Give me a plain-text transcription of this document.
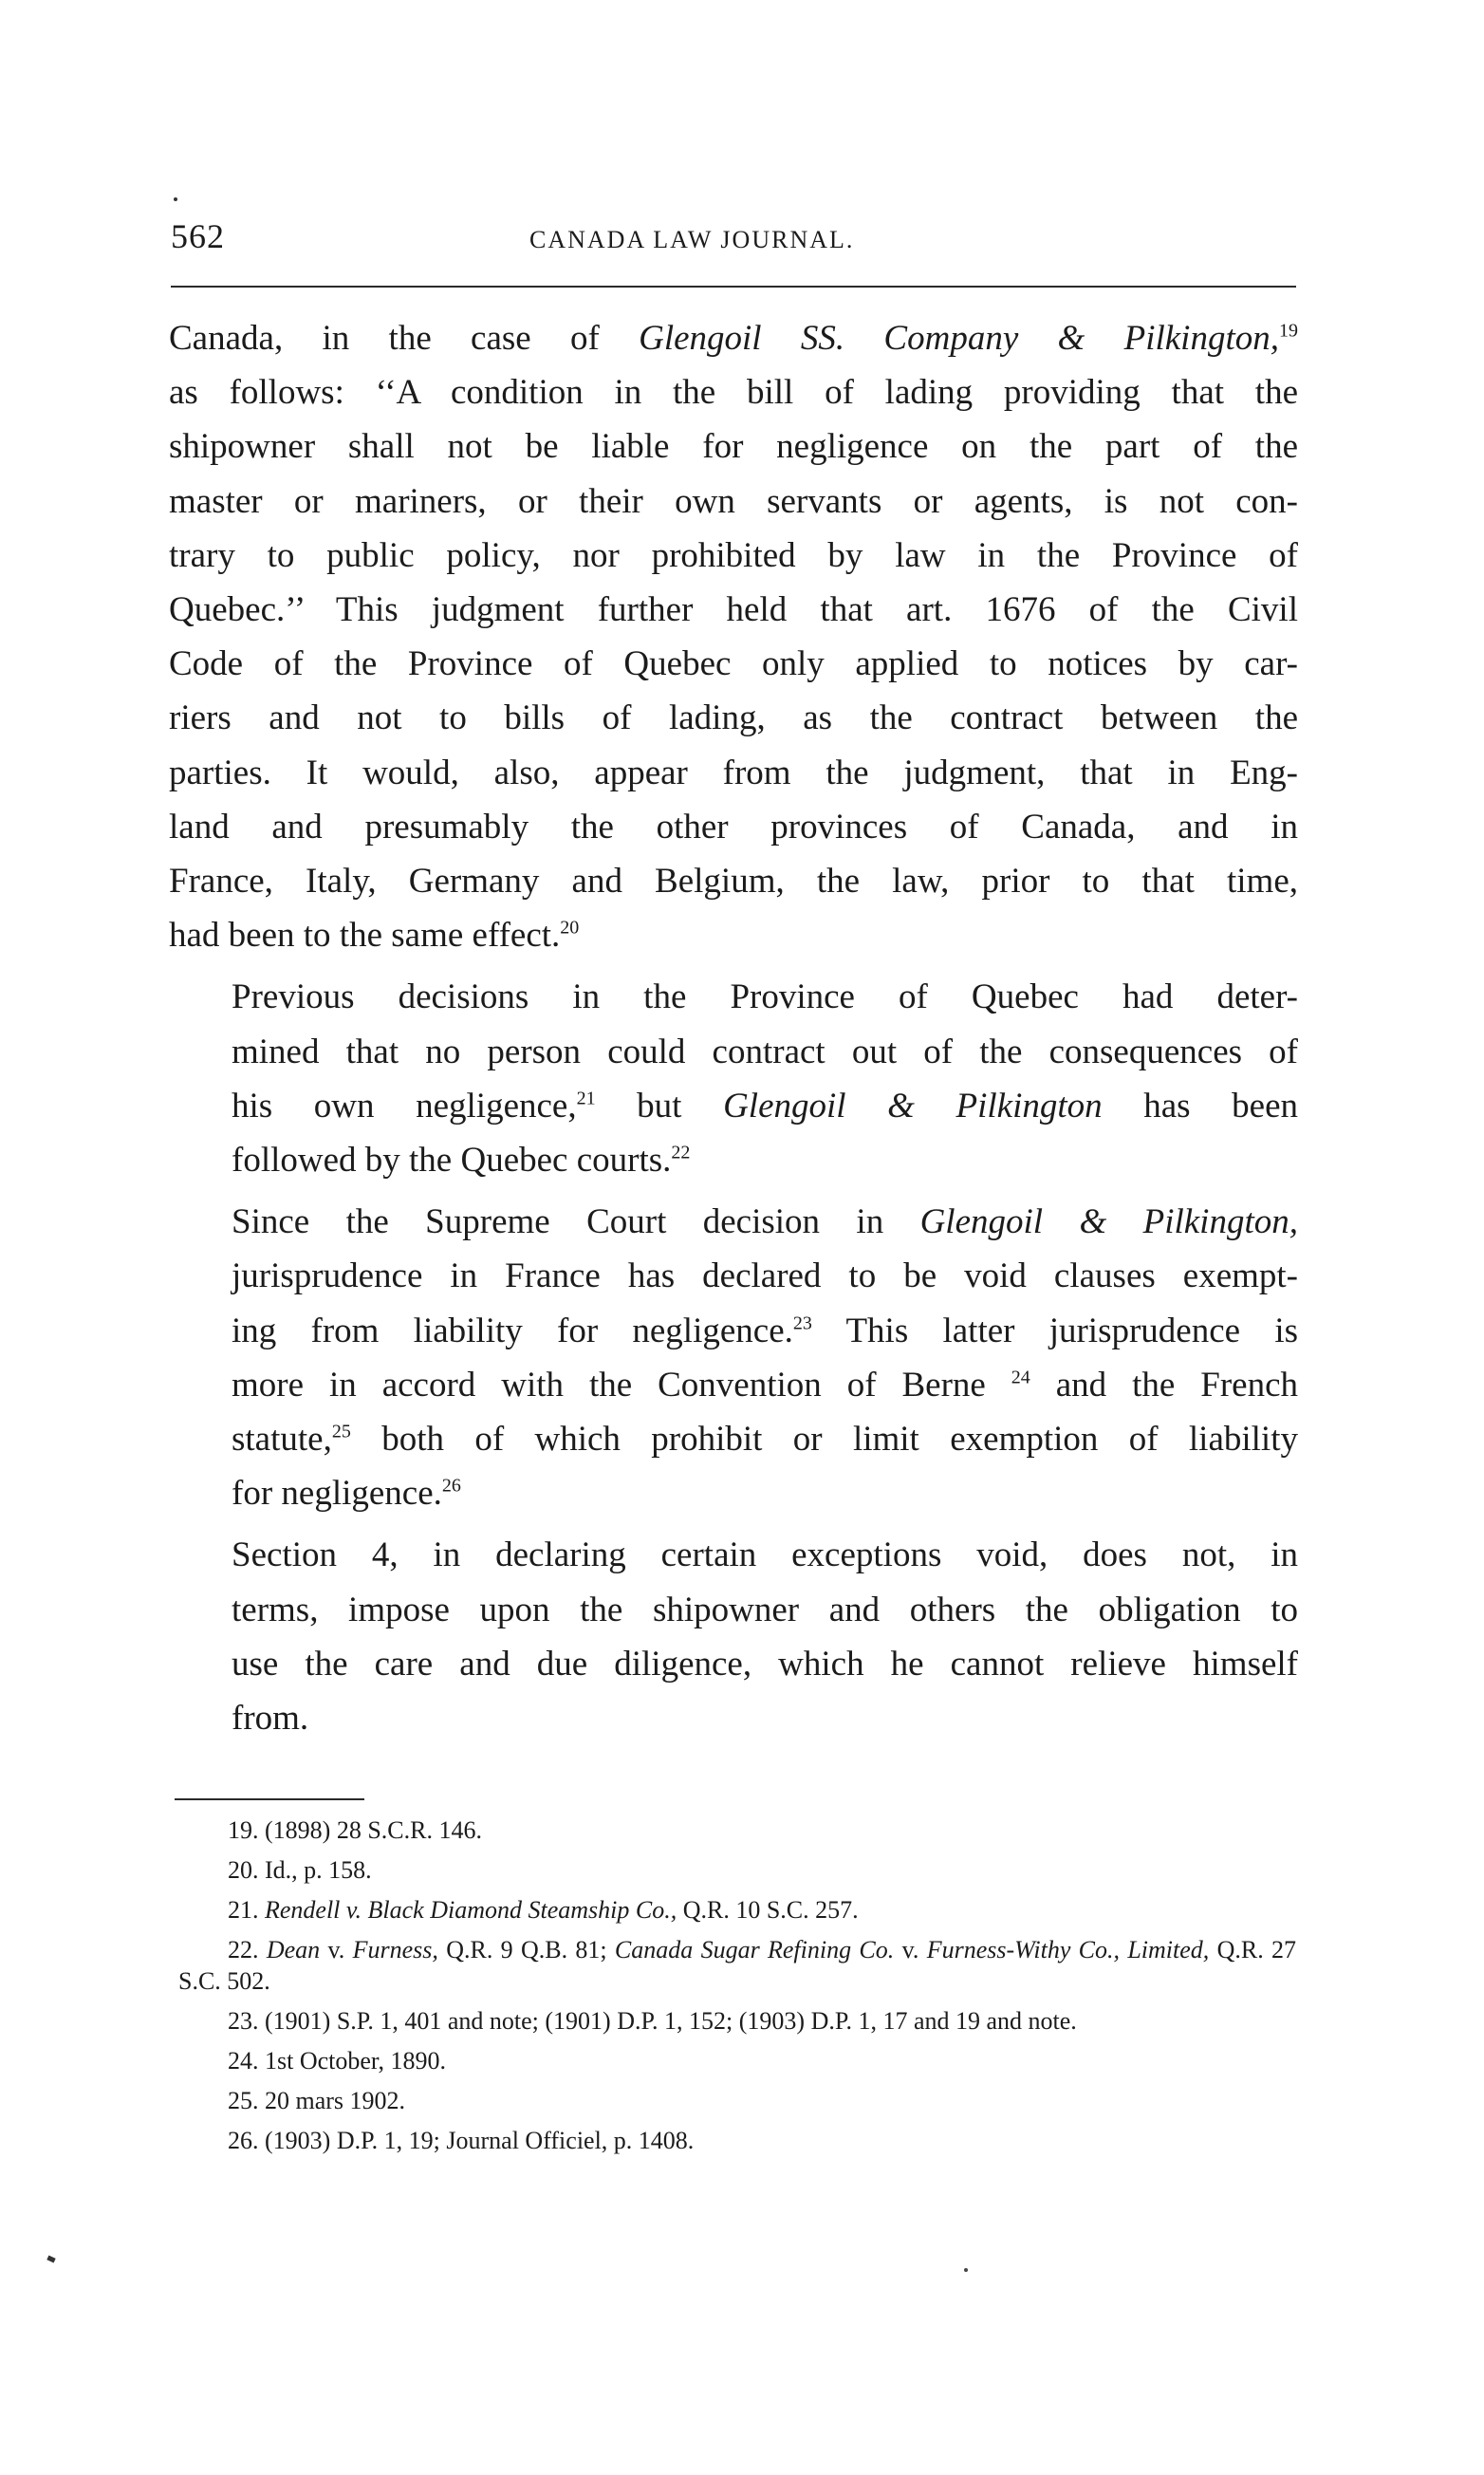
562	CANADA LAW JOURNAL.

Canada, in the case of Glengoil SS. Company & Pilkington,$^{19}$
as follows: ‘‘A condition in the bill of lading providing that the
shipowner shall not be liable for negligence on the part of the
master or mariners, or their own servants or agents, is not con-
trary to public policy, nor prohibited by law in the Province of
Quebec.’’ This judgment further held that art. 1676 of the Civil
Code of the Province of Quebec only applied to notices by car-
riers and not to bills of lading, as the contract between the
parties. It would, also, appear from the judgment, that in Eng-
land and presumably the other provinces of Canada, and in
France, Italy, Germany and Belgium, the law, prior to that time,
had been to the same effect.$^{20}$

Previous decisions in the Province of Quebec had deter-
mined that no person could contract out of the consequences of
his own negligence,$^{21}$ but Glengoil & Pilkington has been
followed by the Quebec courts.$^{22}$

Since the Supreme Court decision in Glengoil & Pilkington,
jurisprudence in France has declared to be void clauses exempt-
ing from liability for negligence.$^{23}$ This latter jurisprudence is
more in accord with the Convention of Berne $^{24}$ and the French
statute,$^{25}$ both of which prohibit or limit exemption of liability
for negligence.$^{26}$

Section 4, in declaring certain exceptions void, does not, in
terms, impose upon the shipowner and others the obligation to
use the care and due diligence, which he cannot relieve himself
from.

19. (1898) 28 S.C.R. 146.

20. Id., p. 158.

21. Rendell v. Black Diamond Steamship Co., Q.R. 10 S.C. 257.

22. Dean v. Furness, Q.R. 9 Q.B. 81; Canada Sugar Refining Co. v. Furness-Withy Co., Limited, Q.R. 27 S.C. 502.

23. (1901) S.P. 1, 401 and note; (1901) D.P. 1, 152; (1903) D.P. 1, 17 and 19 and note.

24. 1st October, 1890.

25. 20 mars 1902.

26. (1903) D.P. 1, 19; Journal Officiel, p. 1408.
